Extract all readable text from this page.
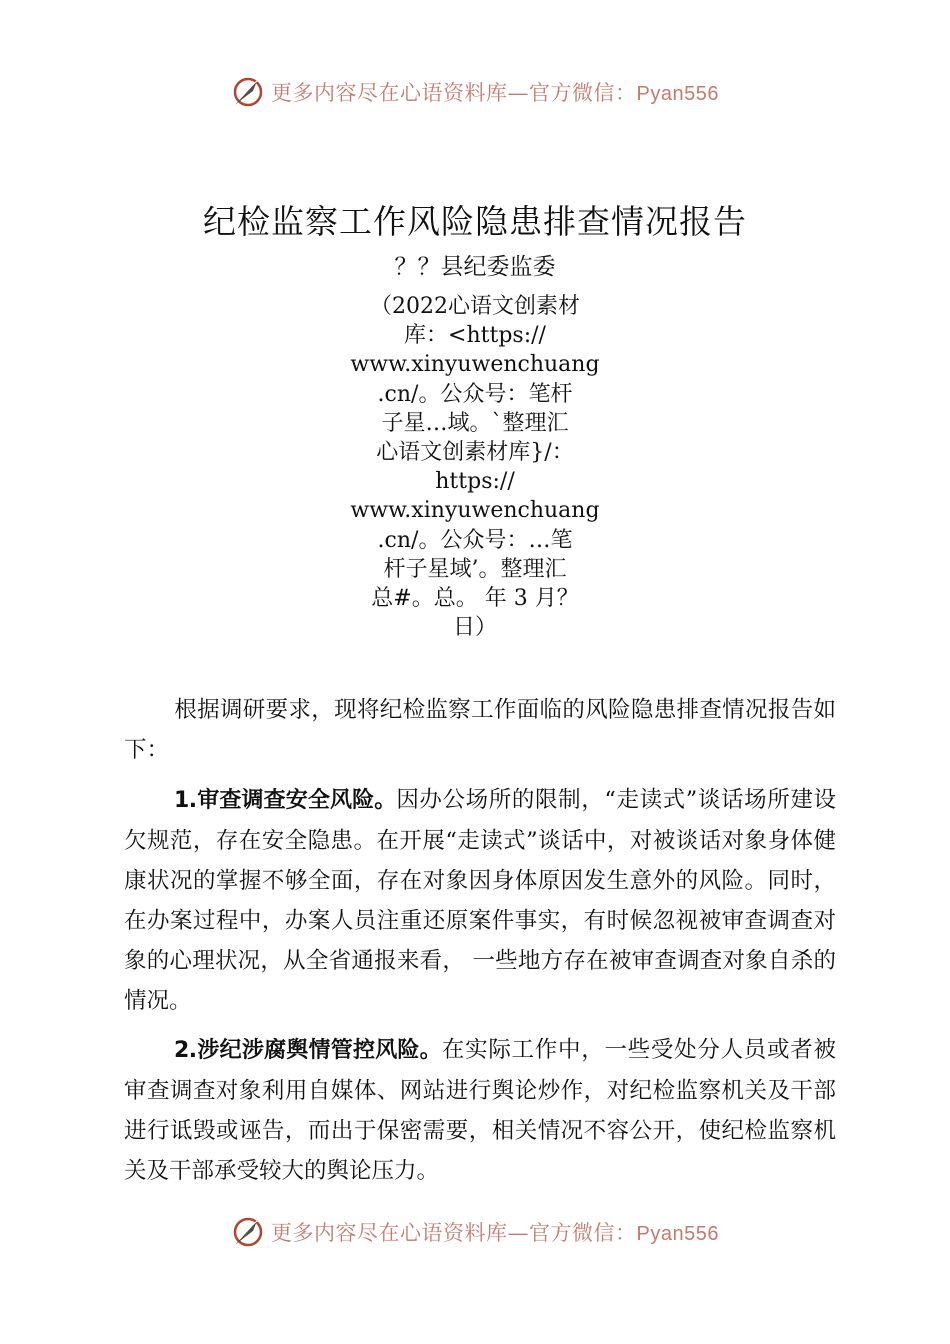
更多内容尽在心语资料库—官方微信：Pyan556
纪检监察工作风险隐患排查情况报告
？？县纪委监委
（2022心语文创素材
库：<https://
www.xinyuwenchuang
.cn/。公众号：笔杆
子星…域。`整理汇
心语文创素材库}/：
https://
www.xinyuwenchuang
.cn/。公众号：…笔
杆子星域’。整理汇
总#。总。 年 3 月？
日）

根据调研要求，现将纪检监察工作面临的风险隐患排查情况报告如下：

1.审查调查安全风险。因办公场所的限制，“走读式”谈话场所建设欠规范，存在安全隐患。在开展“走读式”谈话中，对被谈话对象身体健康状况的掌握不够全面，存在对象因身体原因发生意外的风险。同时，在办案过程中，办案人员注重还原案件事实，有时候忽视被审查调查对象的心理状况，从全省通报来看， 一些地方存在被审查调查对象自杀的情况。

2.涉纪涉腐舆情管控风险。在实际工作中，一些受处分人员或者被审查调查对象利用自媒体、网站进行舆论炒作，对纪检监察机关及干部进行诋毁或诬告，而出于保密需要，相关情况不容公开，使纪检监察机关及干部承受较大的舆论压力。

更多内容尽在心语资料库—官方微信：Pyan556
